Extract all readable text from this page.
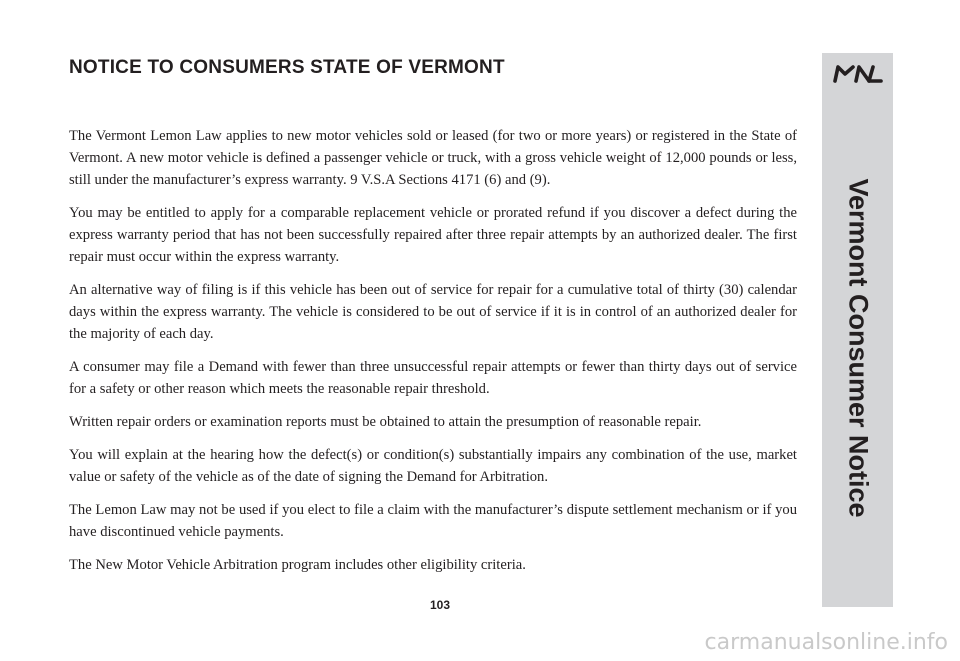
NOTICE TO CONSUMERS STATE OF VERMONT

The Vermont Lemon Law applies to new motor vehicles sold or leased (for two or more years) or registered in the State of Vermont. A new motor vehicle is defined a passenger vehicle or truck, with a gross vehicle weight of 12,000 pounds or less, still under the manufacturer’s express warranty. 9 V.S.A Sections 4171 (6) and (9).

You may be entitled to apply for a comparable replacement vehicle or prorated refund if you discover a defect during the express warranty period that has not been successfully repaired after three repair attempts by an authorized dealer. The first repair must occur within the express warranty.

An alternative way of filing is if this vehicle has been out of service for repair for a cumulative total of thirty (30) calendar days within the express warranty. The vehicle is considered to be out of service if it is in control of an authorized dealer for the majority of each day.

A consumer may file a Demand with fewer than three unsuccessful repair attempts or fewer than thirty days out of service for a safety or other reason which meets the reasonable repair threshold.

Written repair orders or examination reports must be obtained to attain the presumption of reasonable repair.

You will explain at the hearing how the defect(s) or condition(s) substantially impairs any combination of the use, market value or safety of the vehicle as of the date of signing the Demand for Arbitration.

The Lemon Law may not be used if you elect to file a claim with the manufacturer’s dispute settlement mechanism or if you have discontinued vehicle payments.

The New Motor Vehicle Arbitration program includes other eligibility criteria.

103
Vermont Consumer Notice
carmanualsonline.info
